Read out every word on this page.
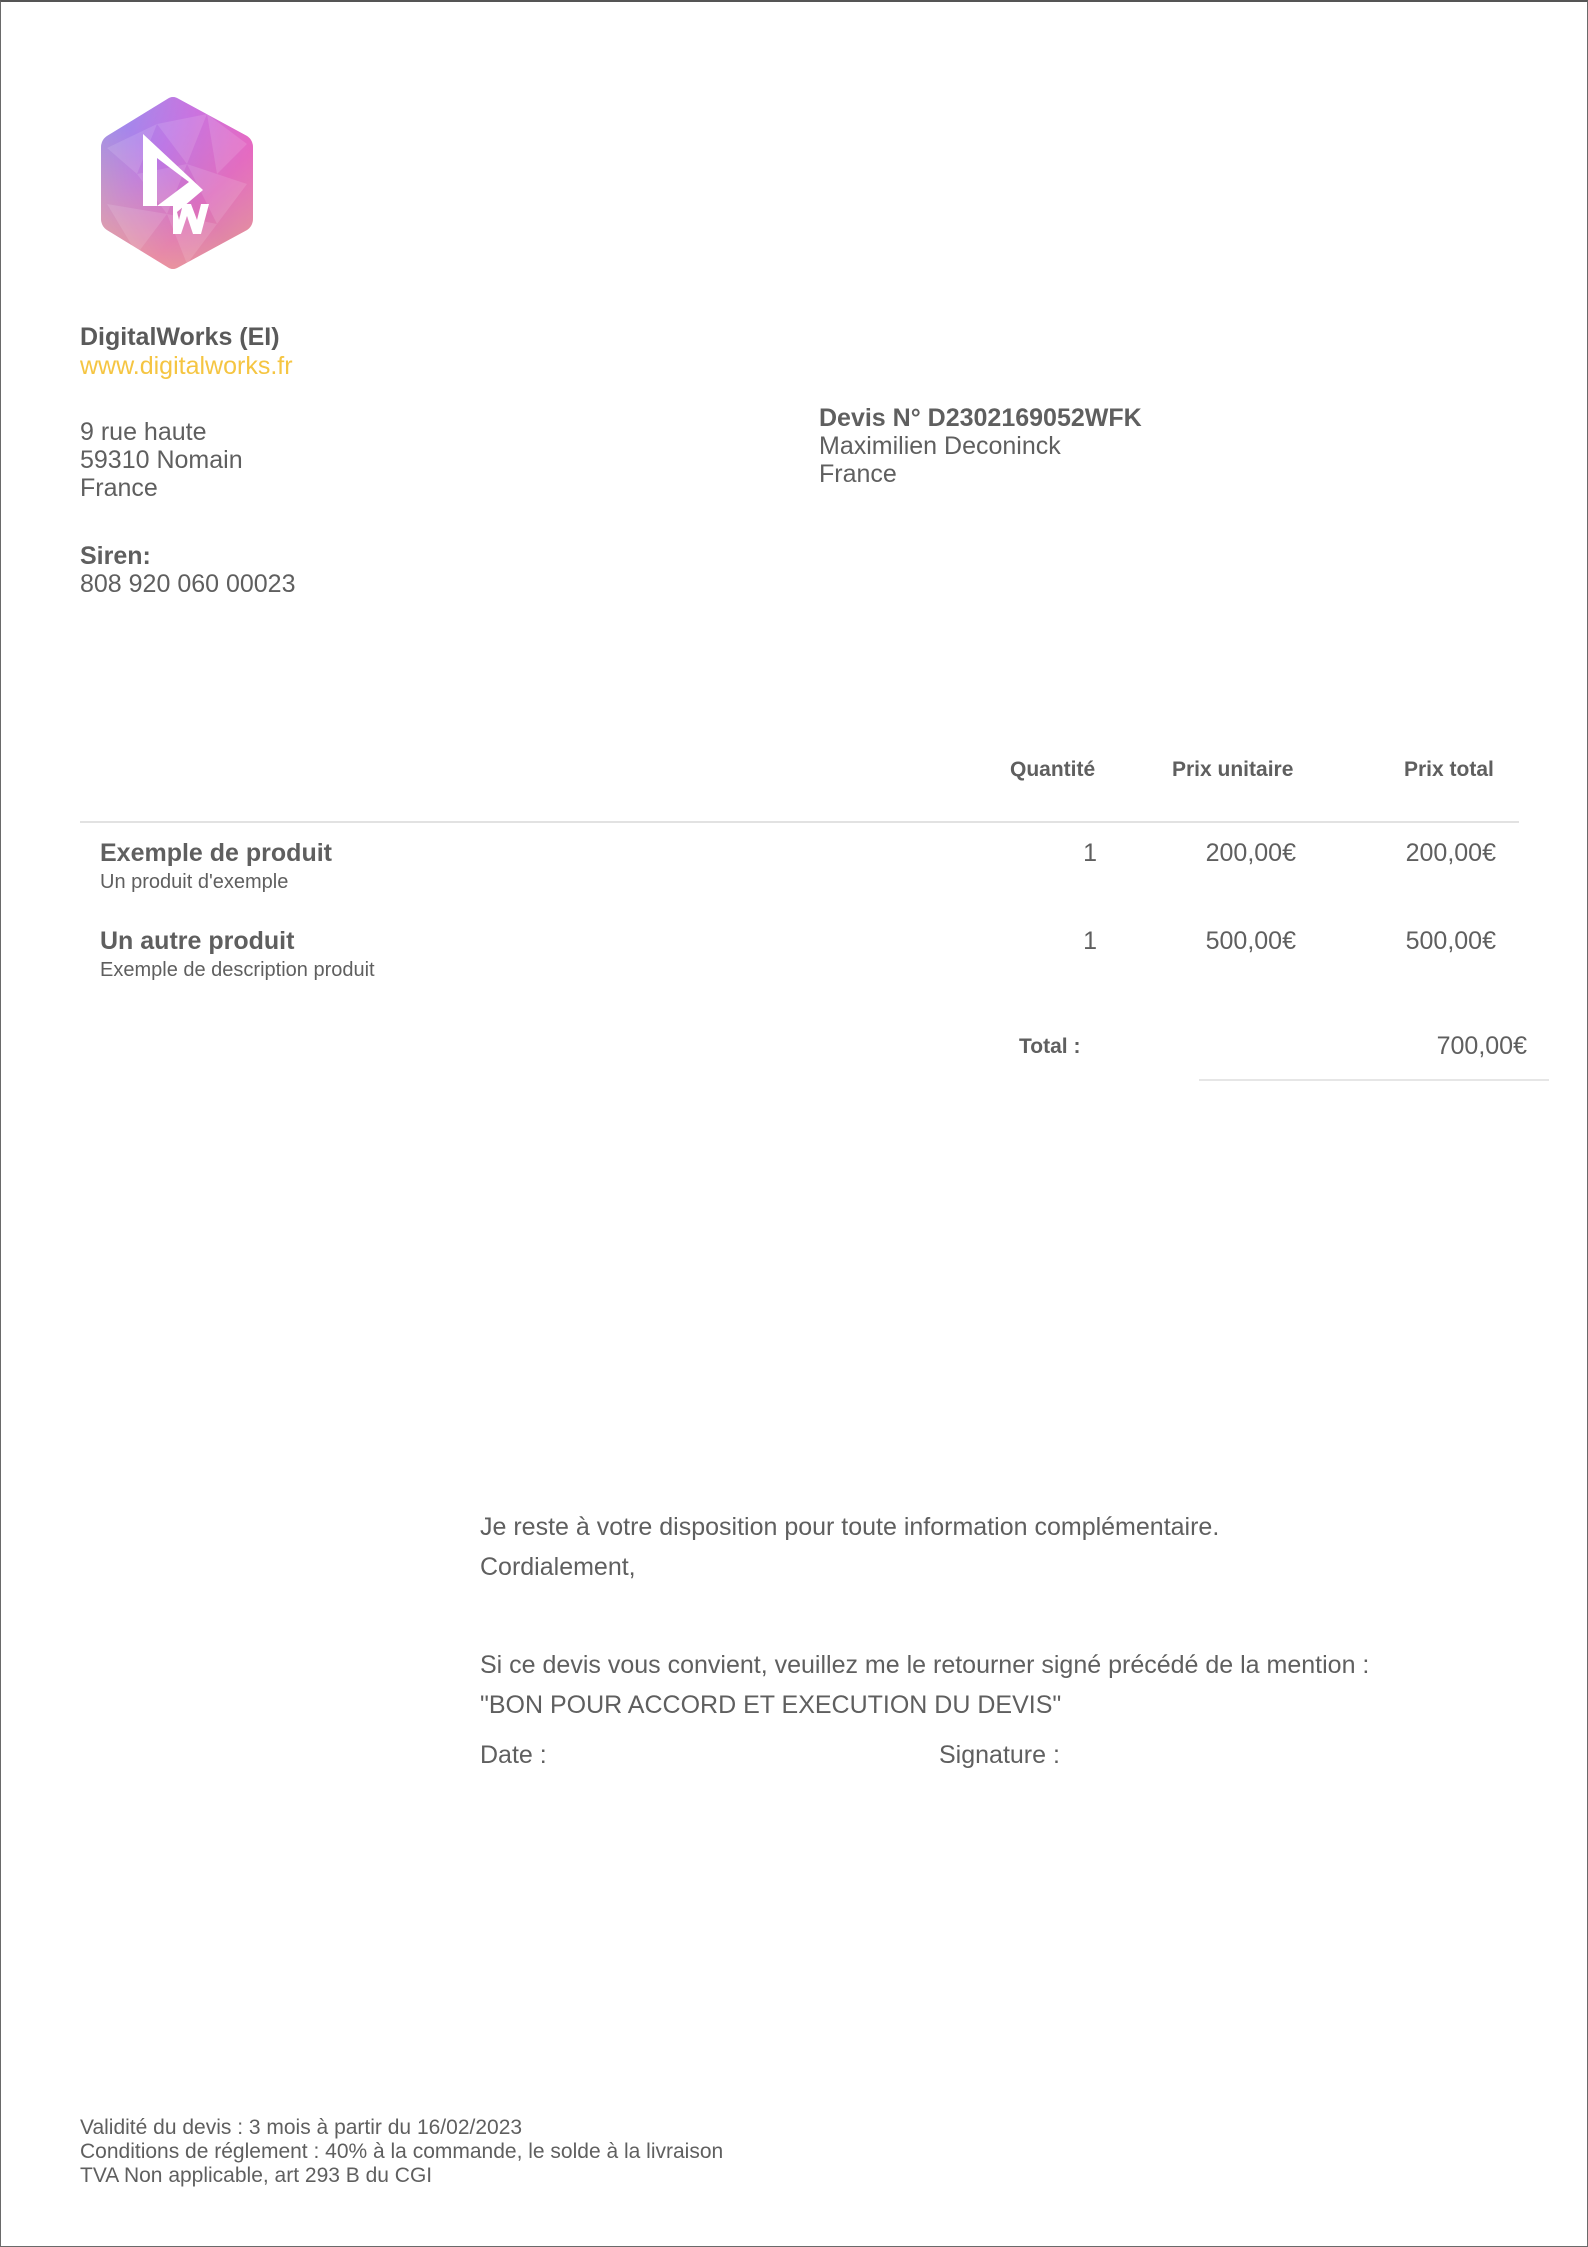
DigitalWorks (EI)
www.digitalworks.fr
9 rue haute
59310 Nomain
France
Siren:
808 920 060 00023
Devis N° D2302169052WFK
Maximilien Deconinck
France
Quantité	Prix unitaire	Prix total
Exemple de produit
Un produit d'exemple
1	200,00€	200,00€
Un autre produit
Exemple de description produit
1	500,00€	500,00€
Total :	700,00€
Je reste à votre disposition pour toute information complémentaire.
Cordialement,
Si ce devis vous convient, veuillez me le retourner signé précédé de la mention :
"BON POUR ACCORD ET EXECUTION DU DEVIS"
Date :	Signature :
Validité du devis : 3 mois à partir du 16/02/2023
Conditions de réglement : 40% à la commande, le solde à la livraison
TVA Non applicable, art 293 B du CGI
